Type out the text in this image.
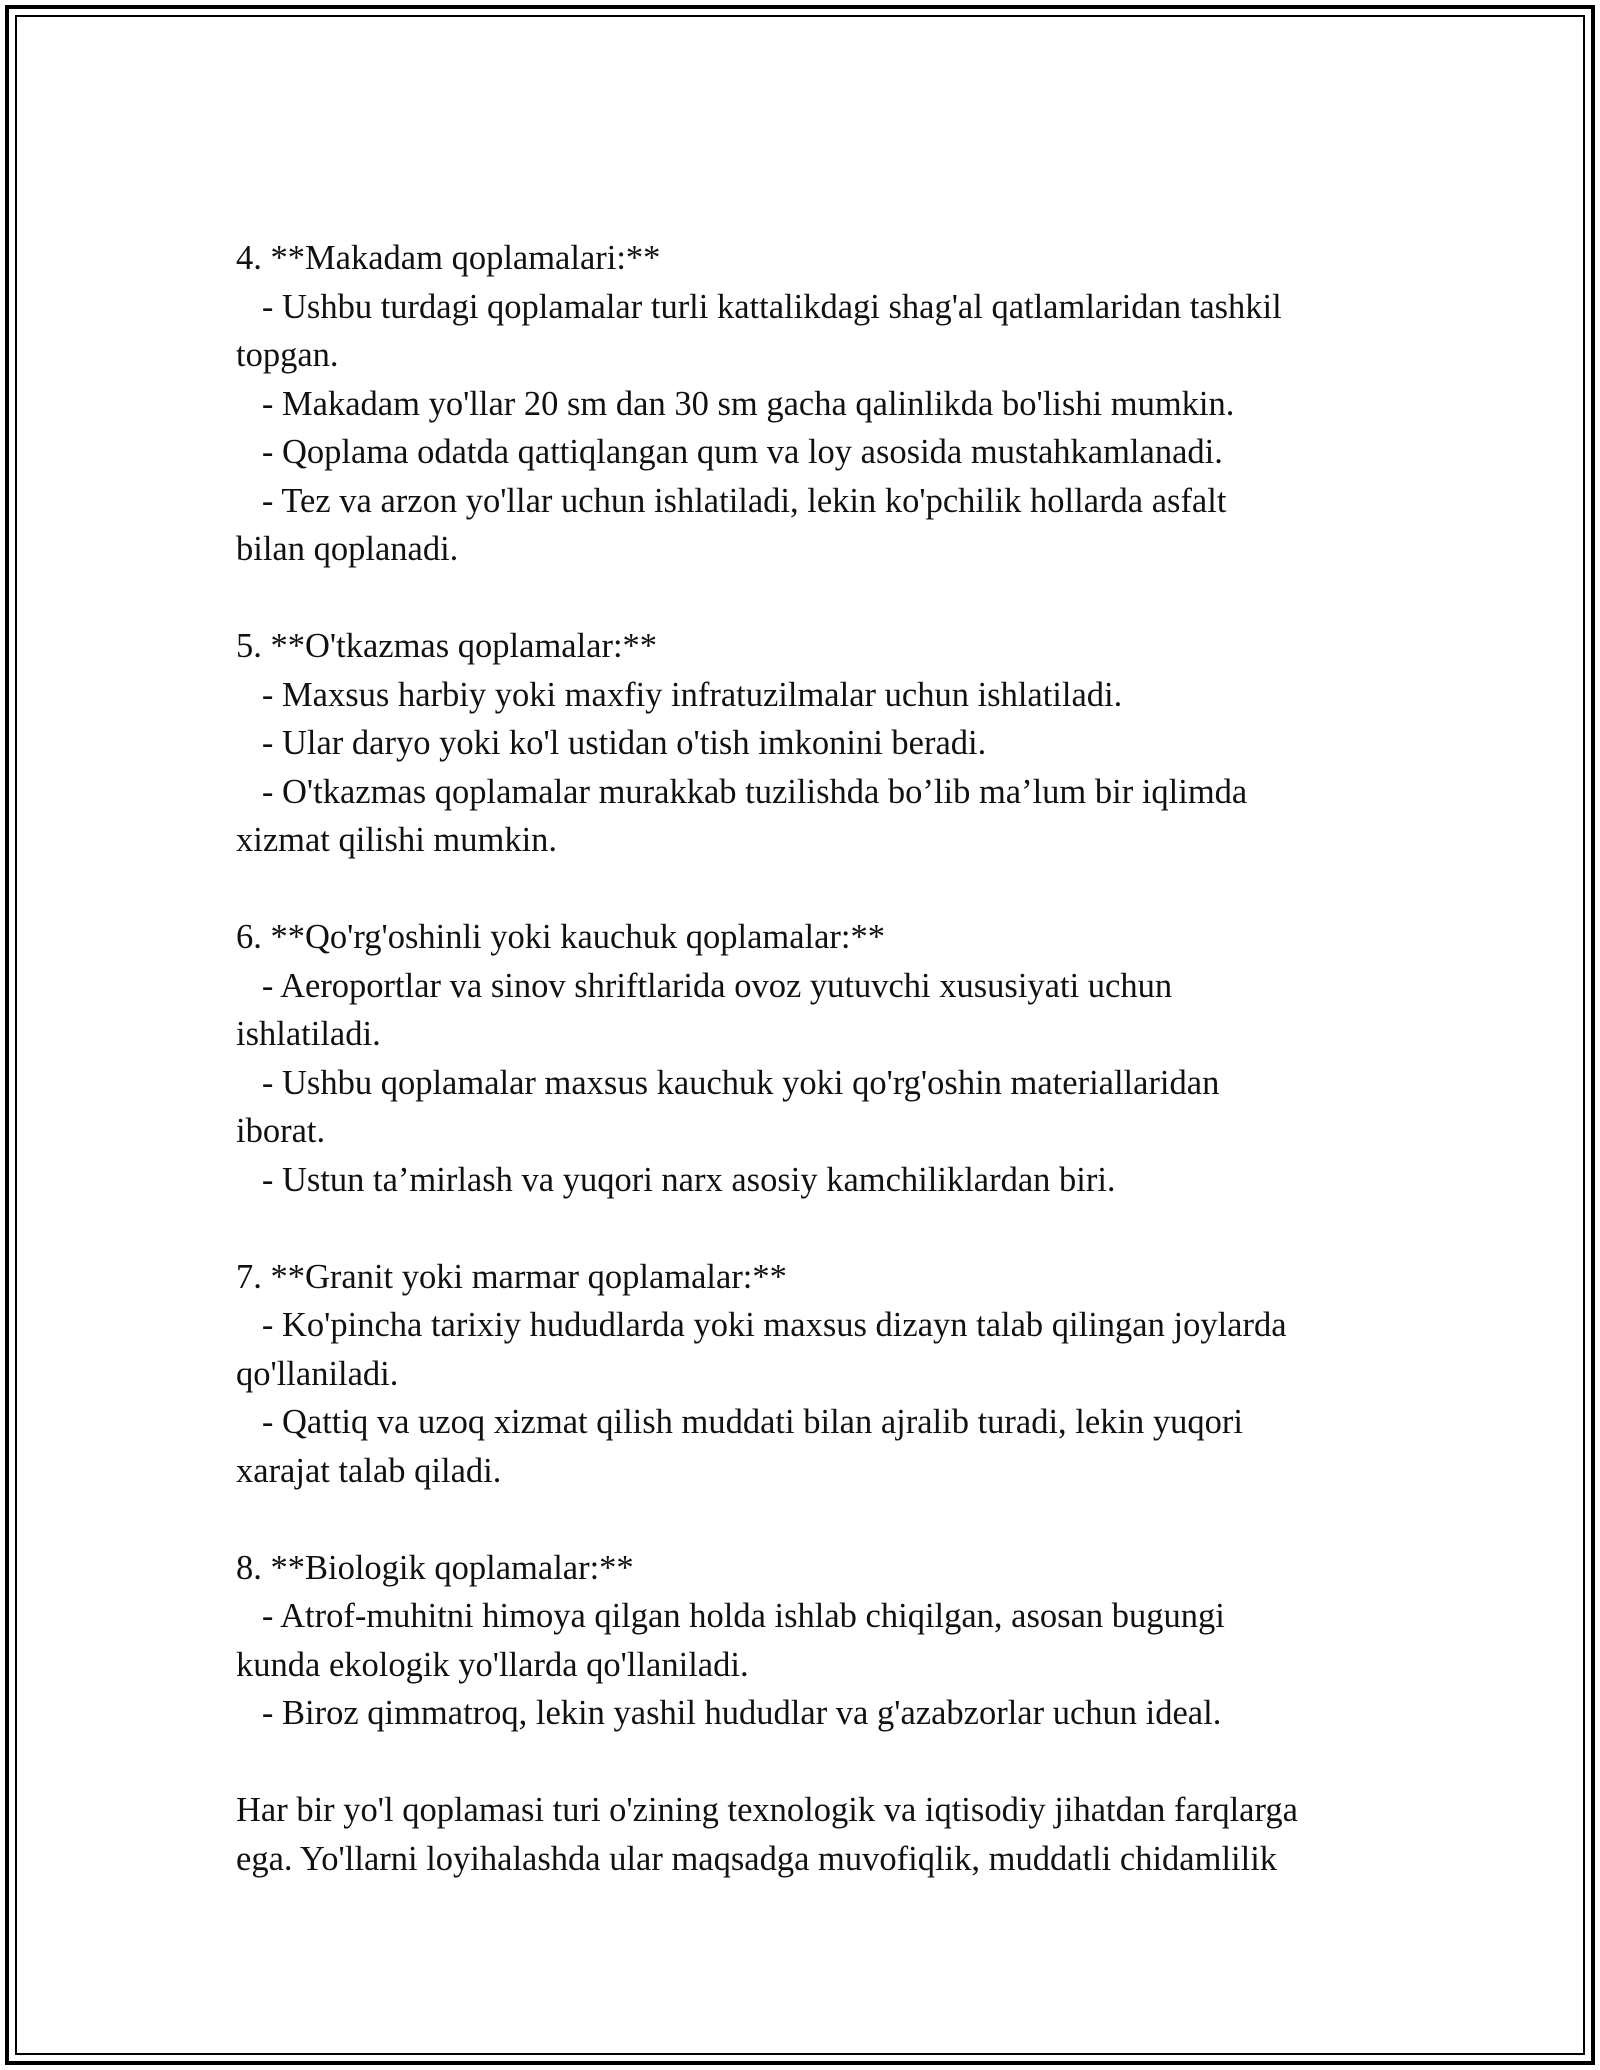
4. **Makadam qoplamalari:**
- Ushbu turdagi qoplamalar turli kattalikdagi shag'al qatlamlaridan tashkil
topgan.
- Makadam yo'llar 20 sm dan 30 sm gacha qalinlikda bo'lishi mumkin.
- Qoplama odatda qattiqlangan qum va loy asosida mustahkamlanadi.
- Tez va arzon yo'llar uchun ishlatiladi, lekin ko'pchilik hollarda asfalt
bilan qoplanadi.
5. **O'tkazmas qoplamalar:**
- Maxsus harbiy yoki maxfiy infratuzilmalar uchun ishlatiladi.
- Ular daryo yoki ko'l ustidan o'tish imkonini beradi.
- O'tkazmas qoplamalar murakkab tuzilishda bo’lib ma’lum bir iqlimda
xizmat qilishi mumkin.
6. **Qo'rg'oshinli yoki kauchuk qoplamalar:**
- Aeroportlar va sinov shriftlarida ovoz yutuvchi xususiyati uchun
ishlatiladi.
- Ushbu qoplamalar maxsus kauchuk yoki qo'rg'oshin materiallaridan
iborat.
- Ustun ta’mirlash va yuqori narx asosiy kamchiliklardan biri.
7. **Granit yoki marmar qoplamalar:**
- Ko'pincha tarixiy hududlarda yoki maxsus dizayn talab qilingan joylarda
qo'llaniladi.
- Qattiq va uzoq xizmat qilish muddati bilan ajralib turadi, lekin yuqori
xarajat talab qiladi.
8. **Biologik qoplamalar:**
- Atrof-muhitni himoya qilgan holda ishlab chiqilgan, asosan bugungi
kunda ekologik yo'llarda qo'llaniladi.
- Biroz qimmatroq, lekin yashil hududlar va g'azabzorlar uchun ideal.
Har bir yo'l qoplamasi turi o'zining texnologik va iqtisodiy jihatdan farqlarga
ega. Yo'llarni loyihalashda ular maqsadga muvofiqlik, muddatli chidamlilik
